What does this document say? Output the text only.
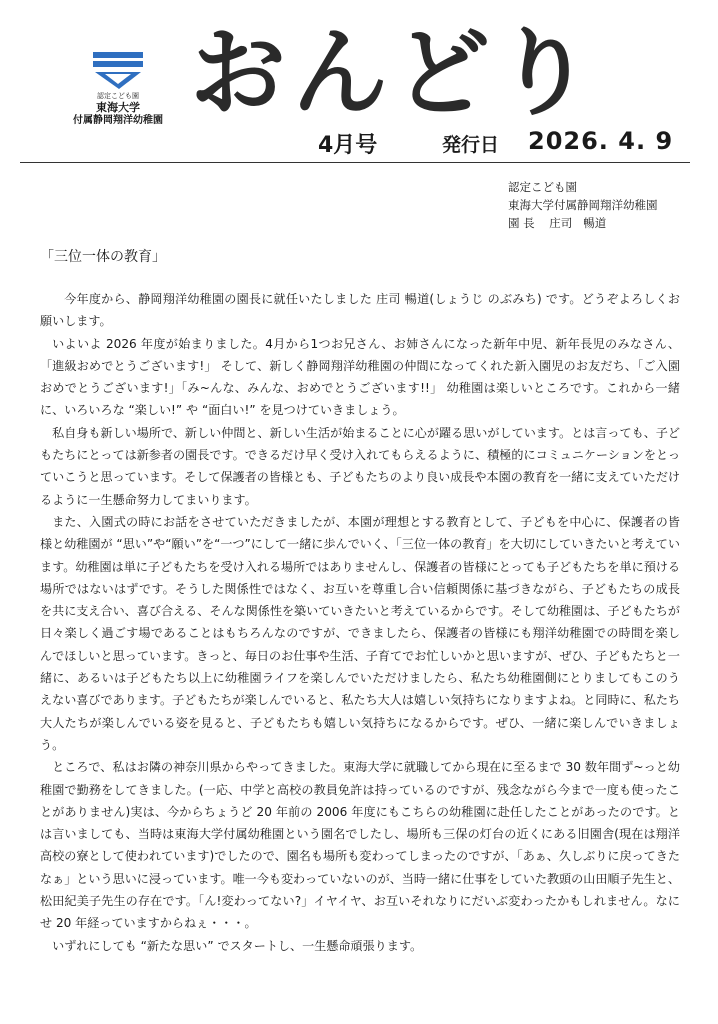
認定こども園
東海大学
付属静岡翔洋幼稚園 おんどり
4月号	発行日 2026. 4. 9
認定こども園
東海大学付属静岡翔洋幼稚園
園 長    庄司   暢道
「三位一体の教育」

今年度から、静岡翔洋幼稚園の園長に就任いたしました 庄司 暢道(しょうじ のぶみち) です。どうぞよろしくお願いします。

いよいよ 2026 年度が始まりました。4月から1つお兄さん、お姉さんになった新年中児、新年長児のみなさん、「進級おめでとうございます!」 そして、新しく静岡翔洋幼稚園の仲間になってくれた新入園児のお友だち、「ご入園おめでとうございます!」「み~んな、みんな、おめでとうございます!!」 幼稚園は楽しいところです。これから一緒に、いろいろな “楽しい!” や “面白い!” を見つけていきましょう。

私自身も新しい場所で、新しい仲間と、新しい生活が始まることに心が躍る思いがしています。とは言っても、子どもたちにとっては新参者の園長です。できるだけ早く受け入れてもらえるように、積極的にコミュニケーションをとっていこうと思っています。そして保護者の皆様とも、子どもたちのより良い成長や本園の教育を一緒に支えていただけるように一生懸命努力してまいります。

また、入園式の時にお話をさせていただきましたが、本園が理想とする教育として、子どもを中心に、保護者の皆様と幼稚園が “思い”や“願い”を“一つ”にして一緒に歩んでいく、「三位一体の教育」を大切にしていきたいと考えています。幼稚園は単に子どもたちを受け入れる場所ではありませんし、保護者の皆様にとっても子どもたちを単に預ける場所ではないはずです。そうした関係性ではなく、お互いを尊重し合い信頼関係に基づきながら、子どもたちの成長を共に支え合い、喜び合える、そんな関係性を築いていきたいと考えているからです。そして幼稚園は、子どもたちが日々楽しく過ごす場であることはもちろんなのですが、できましたら、保護者の皆様にも翔洋幼稚園での時間を楽しんでほしいと思っています。きっと、毎日のお仕事や生活、子育てでお忙しいかと思いますが、ぜひ、子どもたちと一緒に、あるいは子どもたち以上に幼稚園ライフを楽しんでいただけましたら、私たち幼稚園側にとりましてもこのうえない喜びであります。子どもたちが楽しんでいると、私たち大人は嬉しい気持ちになりますよね。と同時に、私たち大人たちが楽しんでいる姿を見ると、子どもたちも嬉しい気持ちになるからです。ぜひ、一緒に楽しんでいきましょう。

ところで、私はお隣の神奈川県からやってきました。東海大学に就職してから現在に至るまで 30 数年間ず~っと幼稚園で勤務をしてきました。(一応、中学と高校の教員免許は持っているのですが、残念ながら今まで一度も使ったことがありません)実は、今からちょうど 20 年前の 2006 年度にもこちらの幼稚園に赴任したことがあったのです。とは言いましても、当時は東海大学付属幼稚園という園名でしたし、場所も三保の灯台の近くにある旧園舎(現在は翔洋高校の寮として使われています)でしたので、園名も場所も変わってしまったのですが、「あぁ、久しぶりに戻ってきたなぁ」という思いに浸っています。唯一今も変わっていないのが、当時一緒に仕事をしていた教頭の山田順子先生と、松田紀美子先生の存在です。「ん!変わってない?」イヤイヤ、お互いそれなりにだいぶ変わったかもしれません。なにせ 20 年経っていますからねぇ・・・。

いずれにしても “新たな思い” でスタートし、一生懸命頑張ります。
